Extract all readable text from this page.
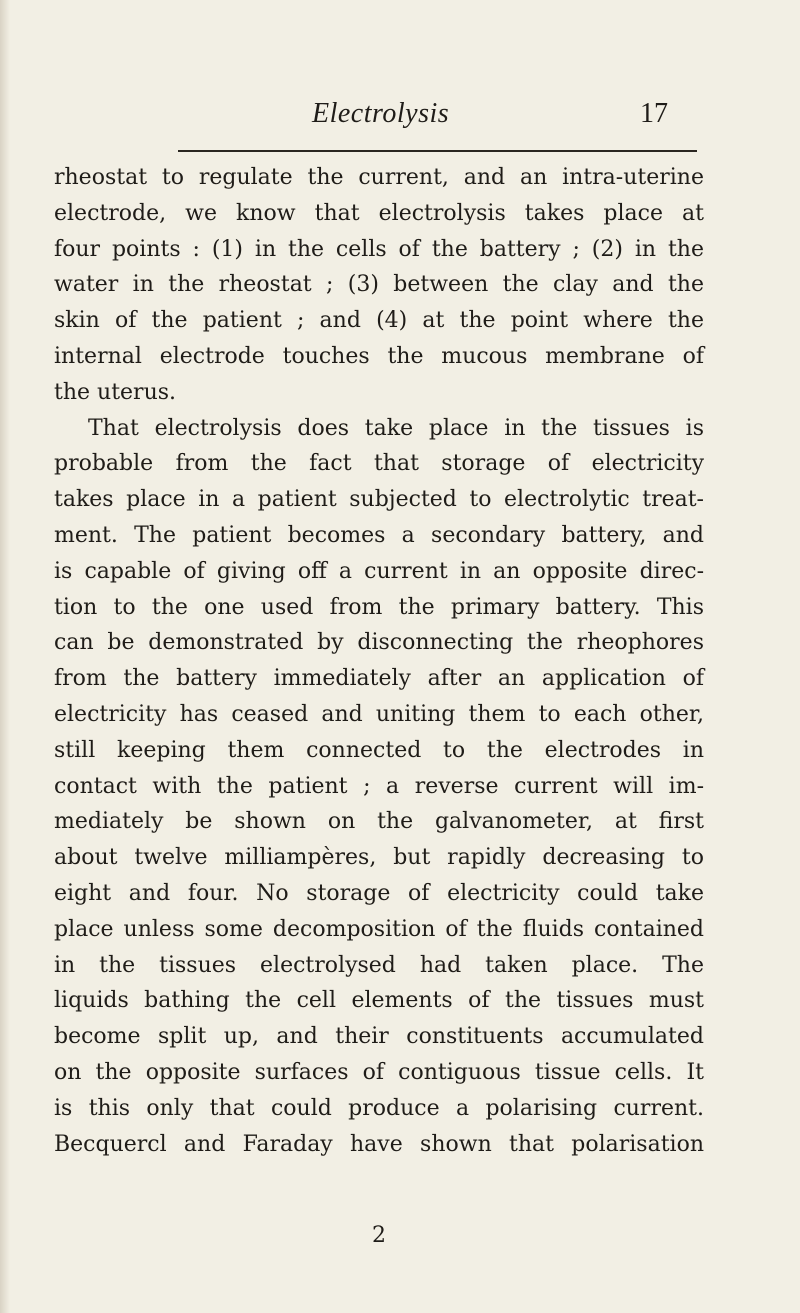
Electrolysis	17
rheostat to regulate the current, and an intra-uterine
electrode, we know that electrolysis takes place at
four points : (1) in the cells of the battery ; (2) in the
water in the rheostat ; (3) between the clay and the
skin of the patient ; and (4) at the point where the
internal electrode touches the mucous membrane of
the uterus.
That electrolysis does take place in the tissues is
probable from the fact that storage of electricity
takes place in a patient subjected to electrolytic treat-
ment. The patient becomes a secondary battery, and
is capable of giving off a current in an opposite direc-
tion to the one used from the primary battery. This
can be demonstrated by disconnecting the rheophores
from the battery immediately after an application of
electricity has ceased and uniting them to each other,
still keeping them connected to the electrodes in
contact with the patient ; a reverse current will im-
mediately be shown on the galvanometer, at first
about twelve milliampères, but rapidly decreasing to
eight and four. No storage of electricity could take
place unless some decomposition of the fluids contained
in the tissues electrolysed had taken place. The
liquids bathing the cell elements of the tissues must
become split up, and their constituents accumulated
on the opposite surfaces of contiguous tissue cells. It
is this only that could produce a polarising current.
Becquercl and Faraday have shown that polarisation
2
